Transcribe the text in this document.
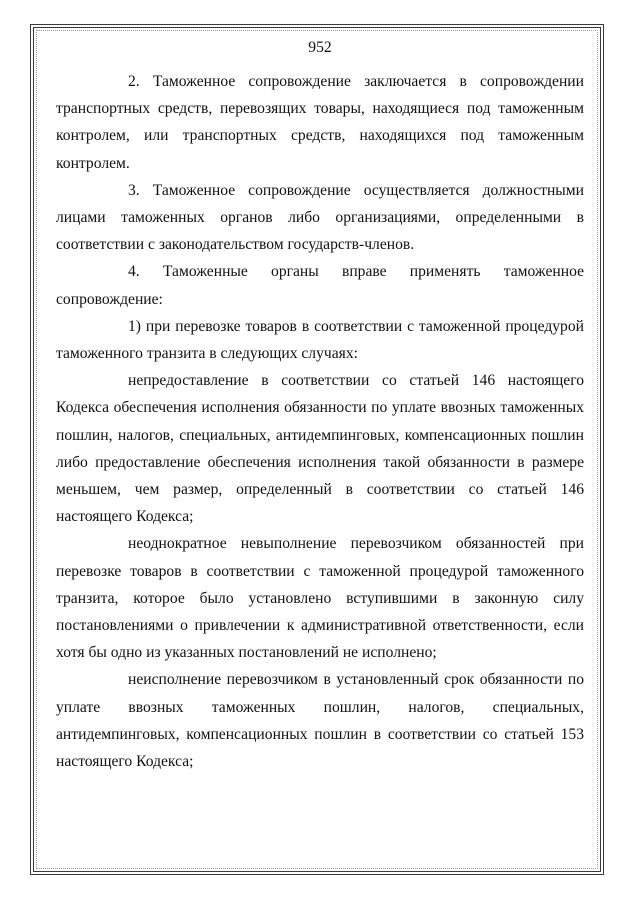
952

2. Таможенное сопровождение заключается в сопровождении транспортных средств, перевозящих товары, находящиеся под таможенным контролем, или транспортных средств, находящихся под таможенным контролем.

3. Таможенное сопровождение осуществляется должностными лицами таможенных органов либо организациями, определенными в соответствии с законодательством государств-членов.

4. Таможенные органы вправе применять таможенное сопровождение:

1) при перевозке товаров в соответствии с таможенной процедурой таможенного транзита в следующих случаях:

непредоставление в соответствии со статьей 146 настоящего Кодекса обеспечения исполнения обязанности по уплате ввозных таможенных пошлин, налогов, специальных, антидемпинговых, компенсационных пошлин либо предоставление обеспечения исполнения такой обязанности в размере меньшем, чем размер, определенный в соответствии со статьей 146 настоящего Кодекса;

неоднократное невыполнение перевозчиком обязанностей при перевозке товаров в соответствии с таможенной процедурой таможенного транзита, которое было установлено вступившими в законную силу постановлениями о привлечении к административной ответственности, если хотя бы одно из указанных постановлений не исполнено;

неисполнение перевозчиком в установленный срок обязанности по уплате ввозных таможенных пошлин, налогов, специальных, антидемпинговых, компенсационных пошлин в соответствии со статьей 153 настоящего Кодекса;
